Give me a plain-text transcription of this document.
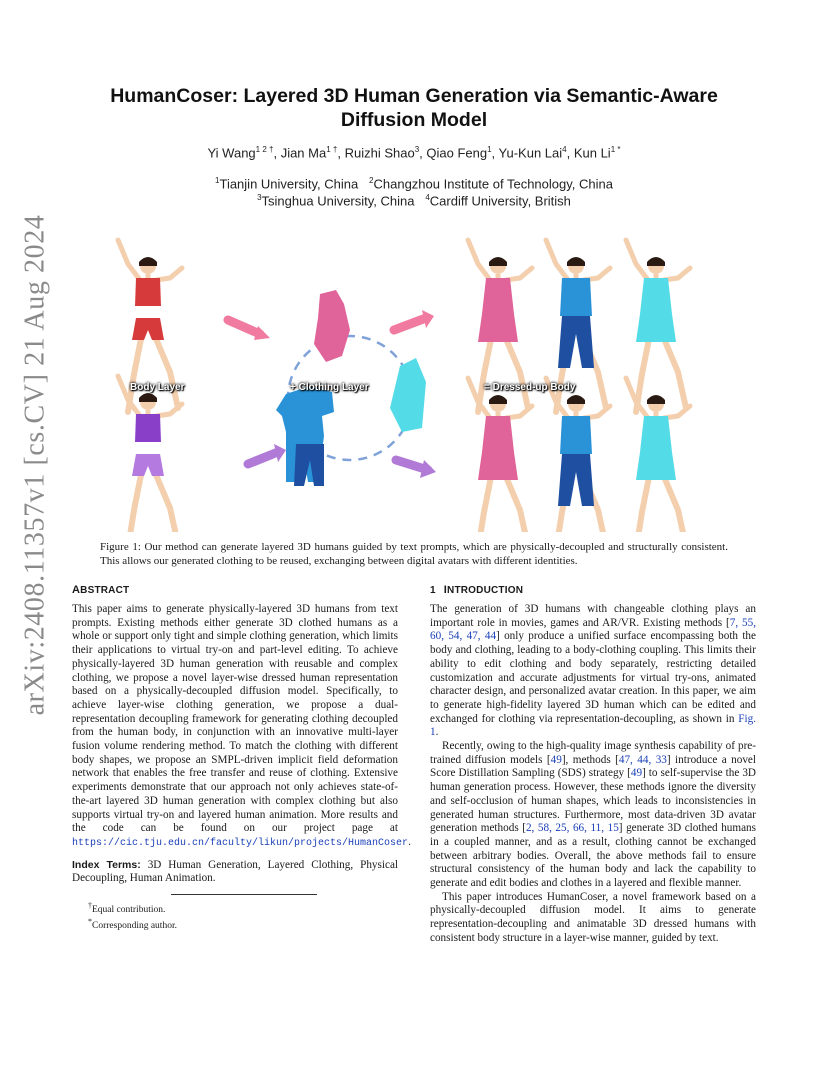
arXiv:2408.11357v1 [cs.CV] 21 Aug 2024
HumanCoser: Layered 3D Human Generation via Semantic-Aware Diffusion Model
Yi Wang$^{1 2 \dagger}$, Jian $Ma^{1 \dagger}$, Ruizhi Shao$^3$, Qiao Feng$^1$, Yu-Kun Lai$^4$, Kun $Li^{1 *}$
$^1$Tianjin University, China $^2$Changzhou Institute of Technology, China
$^3$Tsinghua University, China $^4$Cardiff University, British
Body Layer	+ Clothing Layer	= Dressed-up Body

Figure 1: Our method can generate layered 3D humans guided by text prompts, which are physically-decoupled and structurally consistent. This allows our generated clothing to be reused, exchanging between digital avatars with different identities.

ABSTRACT

This paper aims to generate physically-layered 3D humans from text prompts. Existing methods either generate 3D clothed humans as a whole or support only tight and simple clothing generation, which limits their applications to virtual try-on and part-level editing. To achieve physically-layered 3D human generation with reusable and complex clothing, we propose a novel layer-wise dressed human representation based on a physically-decoupled diffusion model. Specifically, to achieve layer-wise clothing generation, we propose a dual-representation decoupling framework for generating clothing decoupled from the human body, in conjunction with an innovative multi-layer fusion volume rendering method. To match the clothing with different body shapes, we propose an SMPL-driven implicit field deformation network that enables the free transfer and reuse of clothing. Extensive experiments demonstrate that our approach not only achieves state-of-the-art layered 3D human generation with complex clothing but also supports virtual try-on and layered human animation. More results and the code can be found on our project page at https://cic.tju.edu.cn/faculty/likun/projects/HumanCoser.

Index Terms: 3D Human Generation, Layered Clothing, Physical Decoupling, Human Animation.

†Equal contribution.
*Corresponding author.
1 INTRODUCTION

The generation of 3D humans with changeable clothing plays an important role in movies, games and AR/VR. Existing methods [7, 55, 60, 54, 47, 44] only produce a unified surface encompassing both the body and clothing, leading to a body-clothing coupling. This limits their ability to edit clothing and body separately, restricting detailed customization and accurate adjustments for virtual try-ons, animated character design, and personalized avatar creation. In this paper, we aim to generate high-fidelity layered 3D human which can be edited and exchanged for clothing via representation-decoupling, as shown in Fig. 1.

Recently, owing to the high-quality image synthesis capability of pre-trained diffusion models [49], methods [47, 44, 33] introduce a novel Score Distillation Sampling (SDS) strategy [49] to self-supervise the 3D human generation process. However, these methods ignore the diversity and self-occlusion of human shapes, which leads to inconsistencies in generated human structures. Furthermore, most data-driven 3D avatar generation methods [2, 58, 25, 66, 11, 15] generate 3D clothed humans in a coupled manner, and as a result, clothing cannot be exchanged between arbitrary bodies. Overall, the above methods fail to ensure structural consistency of the human body and lack the capability to generate and edit bodies and clothes in a layered and flexible manner.

This paper introduces HumanCoser, a novel framework based on a physically-decoupled diffusion model. It aims to generate representation-decoupling and animatable 3D dressed humans with consistent body structure in a layer-wise manner, guided by text.
